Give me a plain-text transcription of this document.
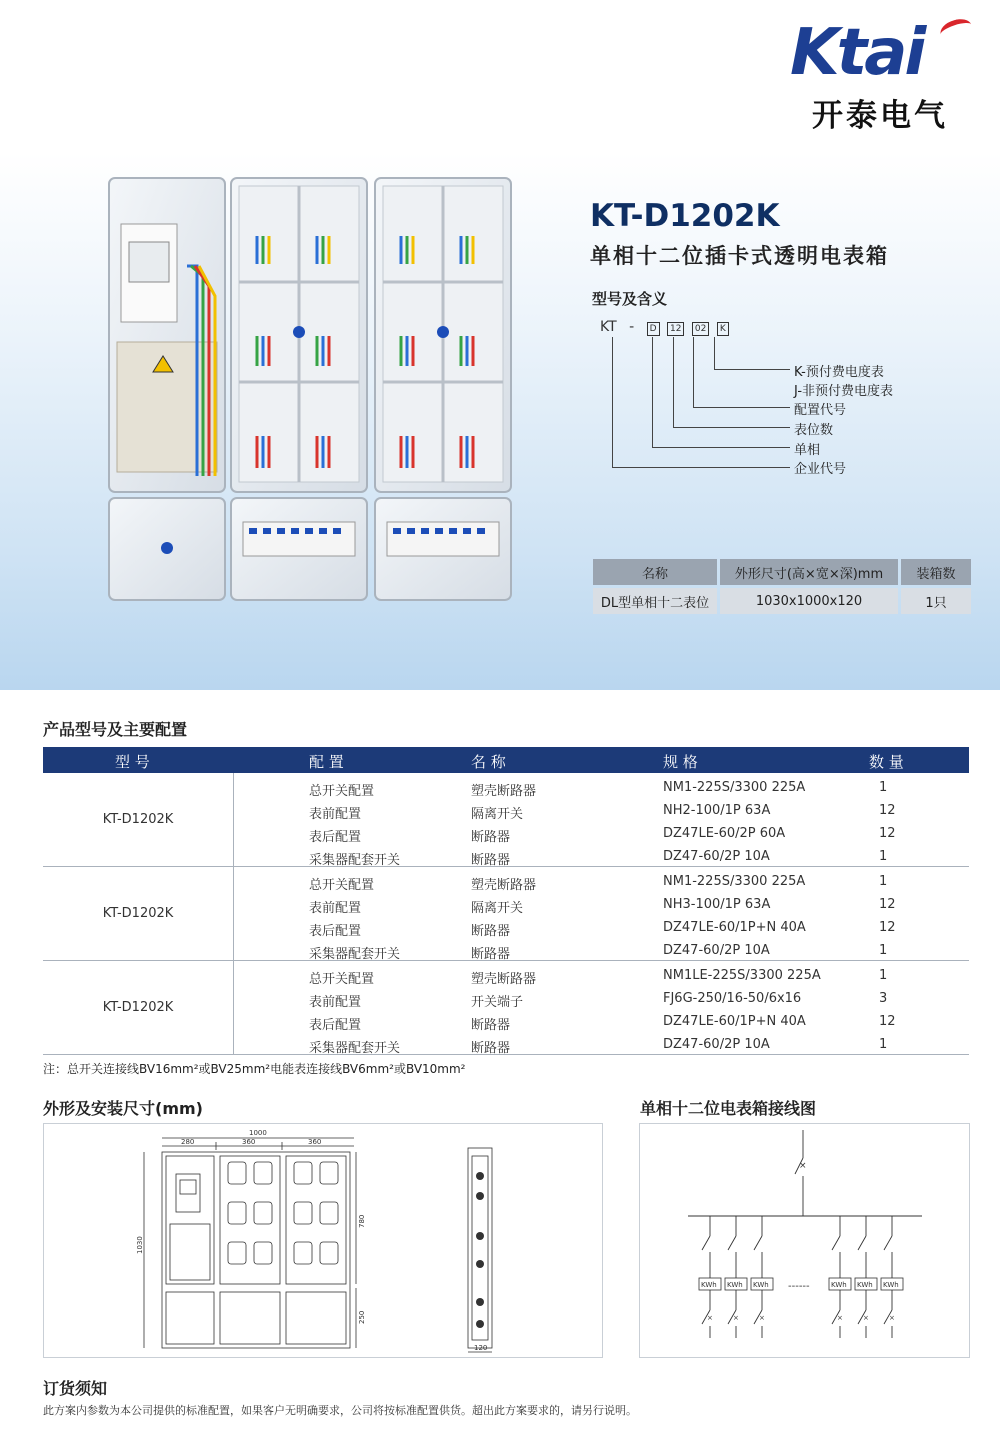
Ktai
开泰电气
KT-D1202K
单相十二位插卡式透明电表箱
型号及含义
KT - D 12 02 K
K-预付费电度表
J-非预付费电度表
配置代号
表位数
单相
企业代号
名称	外形尺寸(高×宽×深)mm	装箱数
DL型单相十二表位	1030x1000x120	1只
产品型号及主要配置
型 号	配 置	名 称	规 格	数 量
KT-D1202K
总开关配置	塑壳断路器	NM1-225S/3300 225A	1
表前配置	隔离开关	NH2-100/1P 63A	12
表后配置	断路器	DZ47LE-60/2P 60A	12
采集器配套开关	断路器	DZ47-60/2P 10A	1
KT-D1202K
总开关配置	塑壳断路器	NM1-225S/3300 225A	1
表前配置	隔离开关	NH3-100/1P 63A	12
表后配置	断路器	DZ47LE-60/1P+N 40A	12
采集器配套开关	断路器	DZ47-60/2P 10A	1
KT-D1202K
总开关配置	塑壳断路器	NM1LE-225S/3300 225A	1
表前配置	开关端子	FJ6G-250/16-50/6x16	3
表后配置	断路器	DZ47LE-60/1P+N 40A	12
采集器配套开关	断路器	DZ47-60/2P 10A	1
注：总开关连接线BV16mm²或BV25mm²电能表连接线BV6mm²或BV10mm²
外形及安装尺寸(mm)
1000
280	360	360
1030
780
250
120
单相十二位电表箱接线图
×
KWh
×
KWh
×
KWh
×
KWh
×
KWh
×
KWh
×
------
订货须知
此方案内参数为本公司提供的标准配置，如果客户无明确要求，公司将按标准配置供货。超出此方案要求的，请另行说明。
